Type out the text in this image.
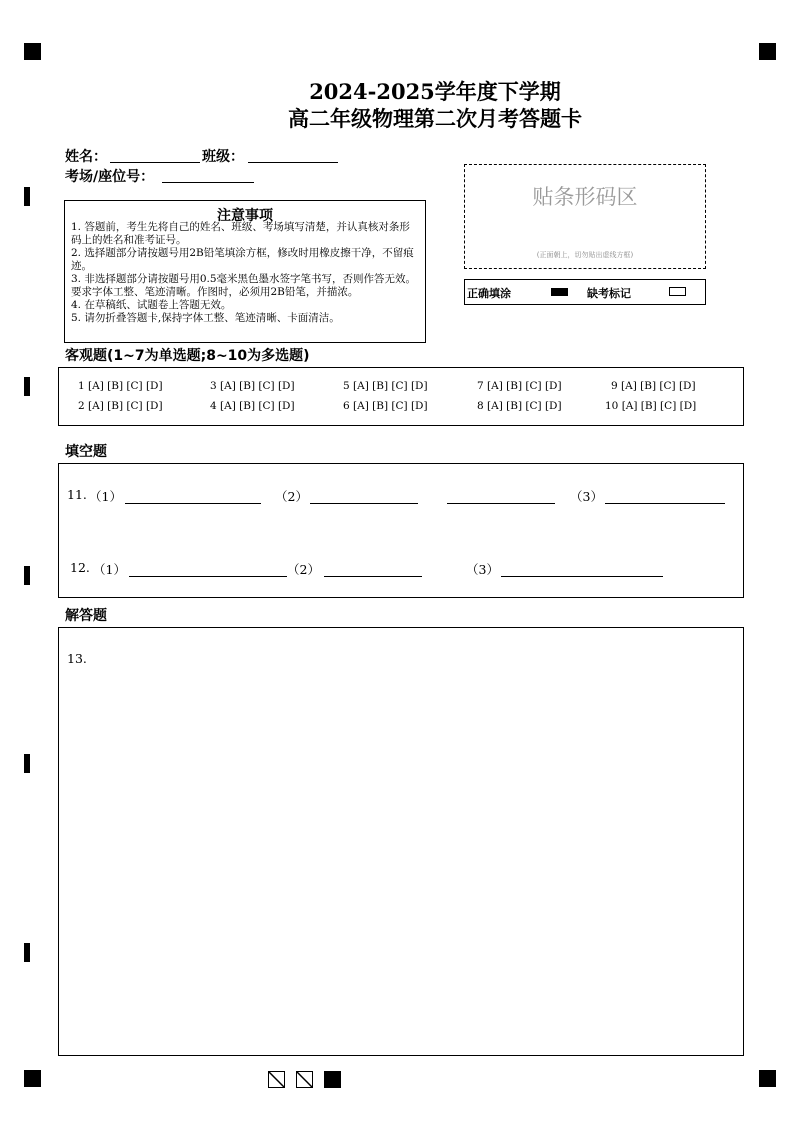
2024-2025学年度下学期
高二年级物理第二次月考答题卡
姓名：	班级：
考场/座位号：
注意事项
1. 答题前，考生先将自己的姓名、班级、考场填写清楚，并认真核对条形码上的姓名和准考证号。
2. 选择题部分请按题号用2B铅笔填涂方框，修改时用橡皮擦干净，不留痕迹。
3. 非选择题部分请按题号用0.5毫米黑色墨水签字笔书写，否则作答无效。要求字体工整、笔迹清晰。作图时，必须用2B铅笔，并描浓。
4. 在草稿纸、试题卷上答题无效。
5. 请勿折叠答题卡,保持字体工整、笔迹清晰、卡面清洁。
贴条形码区
(正面朝上，切勿贴出虚线方框)
正确填涂	缺考标记
客观题(1~7为单选题;8~10为多选题)
1 [A] [B] [C] [D]	3 [A] [B] [C] [D]	5 [A] [B] [C] [D]	7 [A] [B] [C] [D]	9 [A] [B] [C] [D]
2 [A] [B] [C] [D]	4 [A] [B] [C] [D]	6 [A] [B] [C] [D]	8 [A] [B] [C] [D]	10 [A] [B] [C] [D]
填空题
11. （1）	（2）	（3）
12. （1）	（2）	（3）
解答题
13.
